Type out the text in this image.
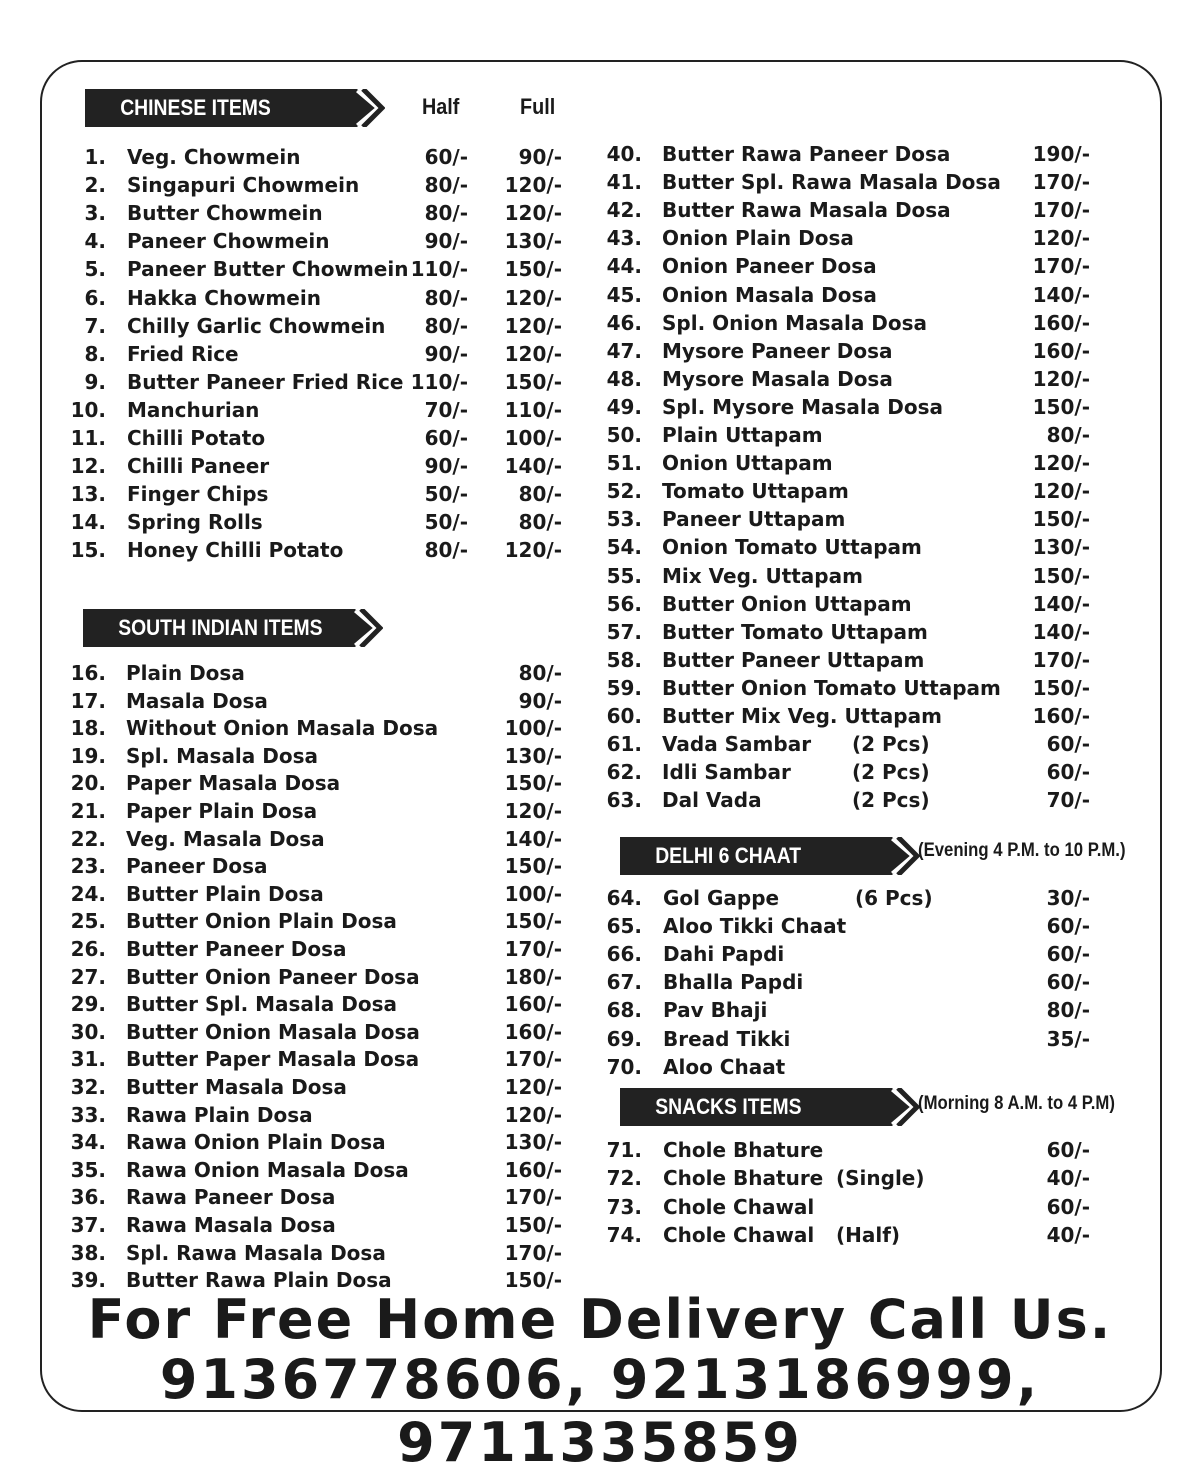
CHINESE ITEMS	Half	Full
1. Veg. Chowmein	60/-	90/-
2. Singapuri Chowmein	80/-	120/-
3. Butter Chowmein	80/-	120/-
4. Paneer Chowmein	90/-	130/-
5. Paneer Butter Chowmein 110/-	150/-
6. Hakka Chowmein	80/-	120/-
7. Chilly Garlic Chowmein	80/-	120/-
8. Fried Rice	90/-	120/-
9. Butter Paneer Fried Rice 110/-	150/-
10. Manchurian	70/-	110/-
11. Chilli Potato	60/-	100/-
12. Chilli Paneer	90/-	140/-
13. Finger Chips	50/-	80/-
14. Spring Rolls	50/-	80/-
15. Honey Chilli Potato	80/-	120/-
SOUTH INDIAN ITEMS
16. Plain Dosa	80/-
17. Masala Dosa	90/-
18. Without Onion Masala Dosa	100/-
19. Spl. Masala Dosa	130/-
20. Paper Masala Dosa	150/-
21. Paper Plain Dosa	120/-
22. Veg. Masala Dosa	140/-
23. Paneer Dosa	150/-
24. Butter Plain Dosa	100/-
25. Butter Onion Plain Dosa	150/-
26. Butter Paneer Dosa	170/-
27. Butter Onion Paneer Dosa	180/-
29. Butter Spl. Masala Dosa	160/-
30. Butter Onion Masala Dosa	160/-
31. Butter Paper Masala Dosa	170/-
32. Butter Masala Dosa	120/-
33. Rawa Plain Dosa	120/-
34. Rawa Onion Plain Dosa	130/-
35. Rawa Onion Masala Dosa	160/-
36. Rawa Paneer Dosa	170/-
37. Rawa Masala Dosa	150/-
38. Spl. Rawa Masala Dosa	170/-
39. Butter Rawa Plain Dosa	150/-
40. Butter Rawa Paneer Dosa	190/-
41. Butter Spl. Rawa Masala Dosa	170/-
42. Butter Rawa Masala Dosa	170/-
43. Onion Plain Dosa	120/-
44. Onion Paneer Dosa	170/-
45. Onion Masala Dosa	140/-
46. Spl. Onion Masala Dosa	160/-
47. Mysore Paneer Dosa	160/-
48. Mysore Masala Dosa	120/-
49. Spl. Mysore Masala Dosa	150/-
50. Plain Uttapam	80/-
51. Onion Uttapam	120/-
52. Tomato Uttapam	120/-
53. Paneer Uttapam	150/-
54. Onion Tomato Uttapam	130/-
55. Mix Veg. Uttapam	150/-
56. Butter Onion Uttapam	140/-
57. Butter Tomato Uttapam	140/-
58. Butter Paneer Uttapam	170/-
59. Butter Onion Tomato Uttapam	150/-
60. Butter Mix Veg. Uttapam	160/-
61. Vada Sambar (2 Pcs)	60/-
62. Idli Sambar	(2 Pcs)	60/-
63. Dal Vada	(2 Pcs)	70/-
DELHI 6 CHAAT	(Evening 4 P.M. to 10 P.M.)
64. Gol Gappe	(6 Pcs)	30/-
65. Aloo Tikki Chaat	60/-
66. Dahi Papdi	60/-
67. Bhalla Papdi	60/-
68. Pav Bhaji	80/-
69. Bread Tikki	35/-
70. Aloo Chaat
SNACKS ITEMS	(Morning 8 A.M. to 4 P.M)
71. Chole Bhature	60/-
72. Chole Bhature (Single)	40/-
73. Chole Chawal	60/-
74. Chole Chawal (Half)	40/-
For Free Home Delivery Call Us.
9136778606, 9213186999, 9711335859
